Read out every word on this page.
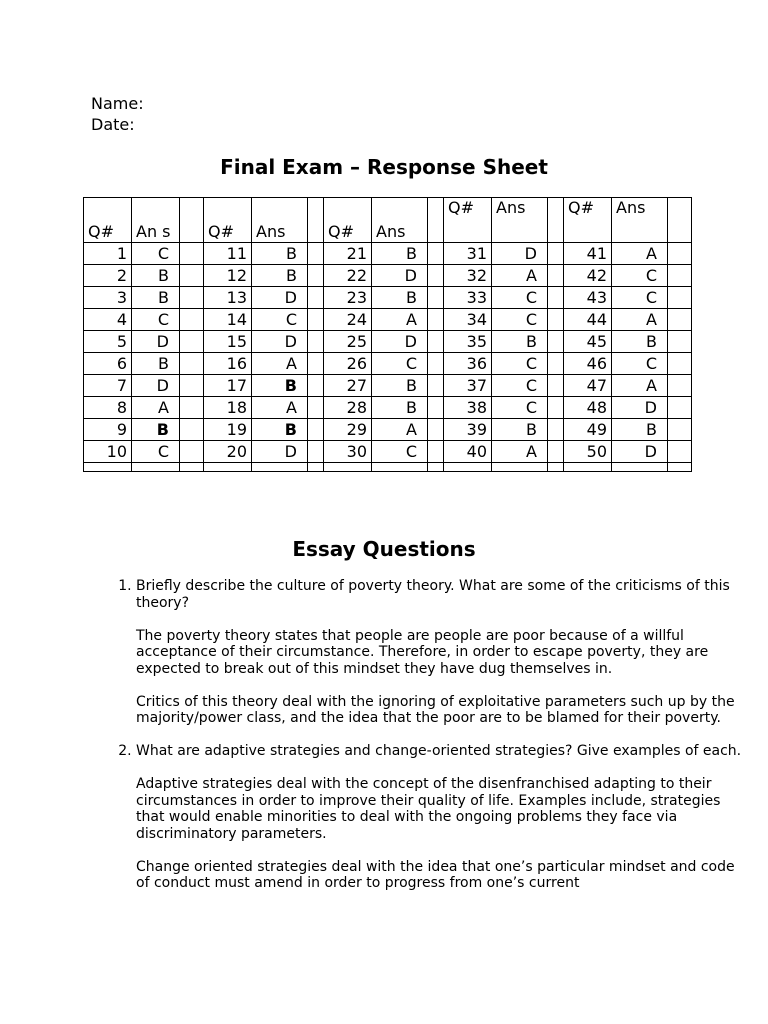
Name:
Date:
Final Exam – Response Sheet
Q#	An s		Q#	Ans		Q#	Ans		Q#	Ans		Q#	Ans	
1	C		11	B		21	B		31	D		41	A	
2	B		12	B		22	D		32	A		42	C	
3	B		13	D		23	B		33	C		43	C	
4	C		14	C		24	A		34	C		44	A	
5	D		15	D		25	D		35	B		45	B	
6	B		16	A		26	C		36	C		46	C	
7	D		17	B		27	B		37	C		47	A	
8	A		18	A		28	B		38	C		48	D	
9	B		19	B		29	A		39	B		49	B	
10	C		20	D		30	C		40	A		50	D	

Essay Questions

1. Briefly describe the culture of poverty theory. What are some of the criticisms of this theory?

The poverty theory states that people are people are poor because of a willful acceptance of their circumstance. Therefore, in order to escape poverty, they are expected to break out of this mindset they have dug themselves in.

Critics of this theory deal with the ignoring of exploitative parameters such up by the majority/power class, and the idea that the poor are to be blamed for their poverty.

2. What are adaptive strategies and change-oriented strategies? Give examples of each.

Adaptive strategies deal with the concept of the disenfranchised adapting to their circumstances in order to improve their quality of life. Examples include, strategies that would enable minorities to deal with the ongoing problems they face via discriminatory parameters.

Change oriented strategies deal with the idea that one’s particular mindset and code of conduct must amend in order to progress from one’s current
